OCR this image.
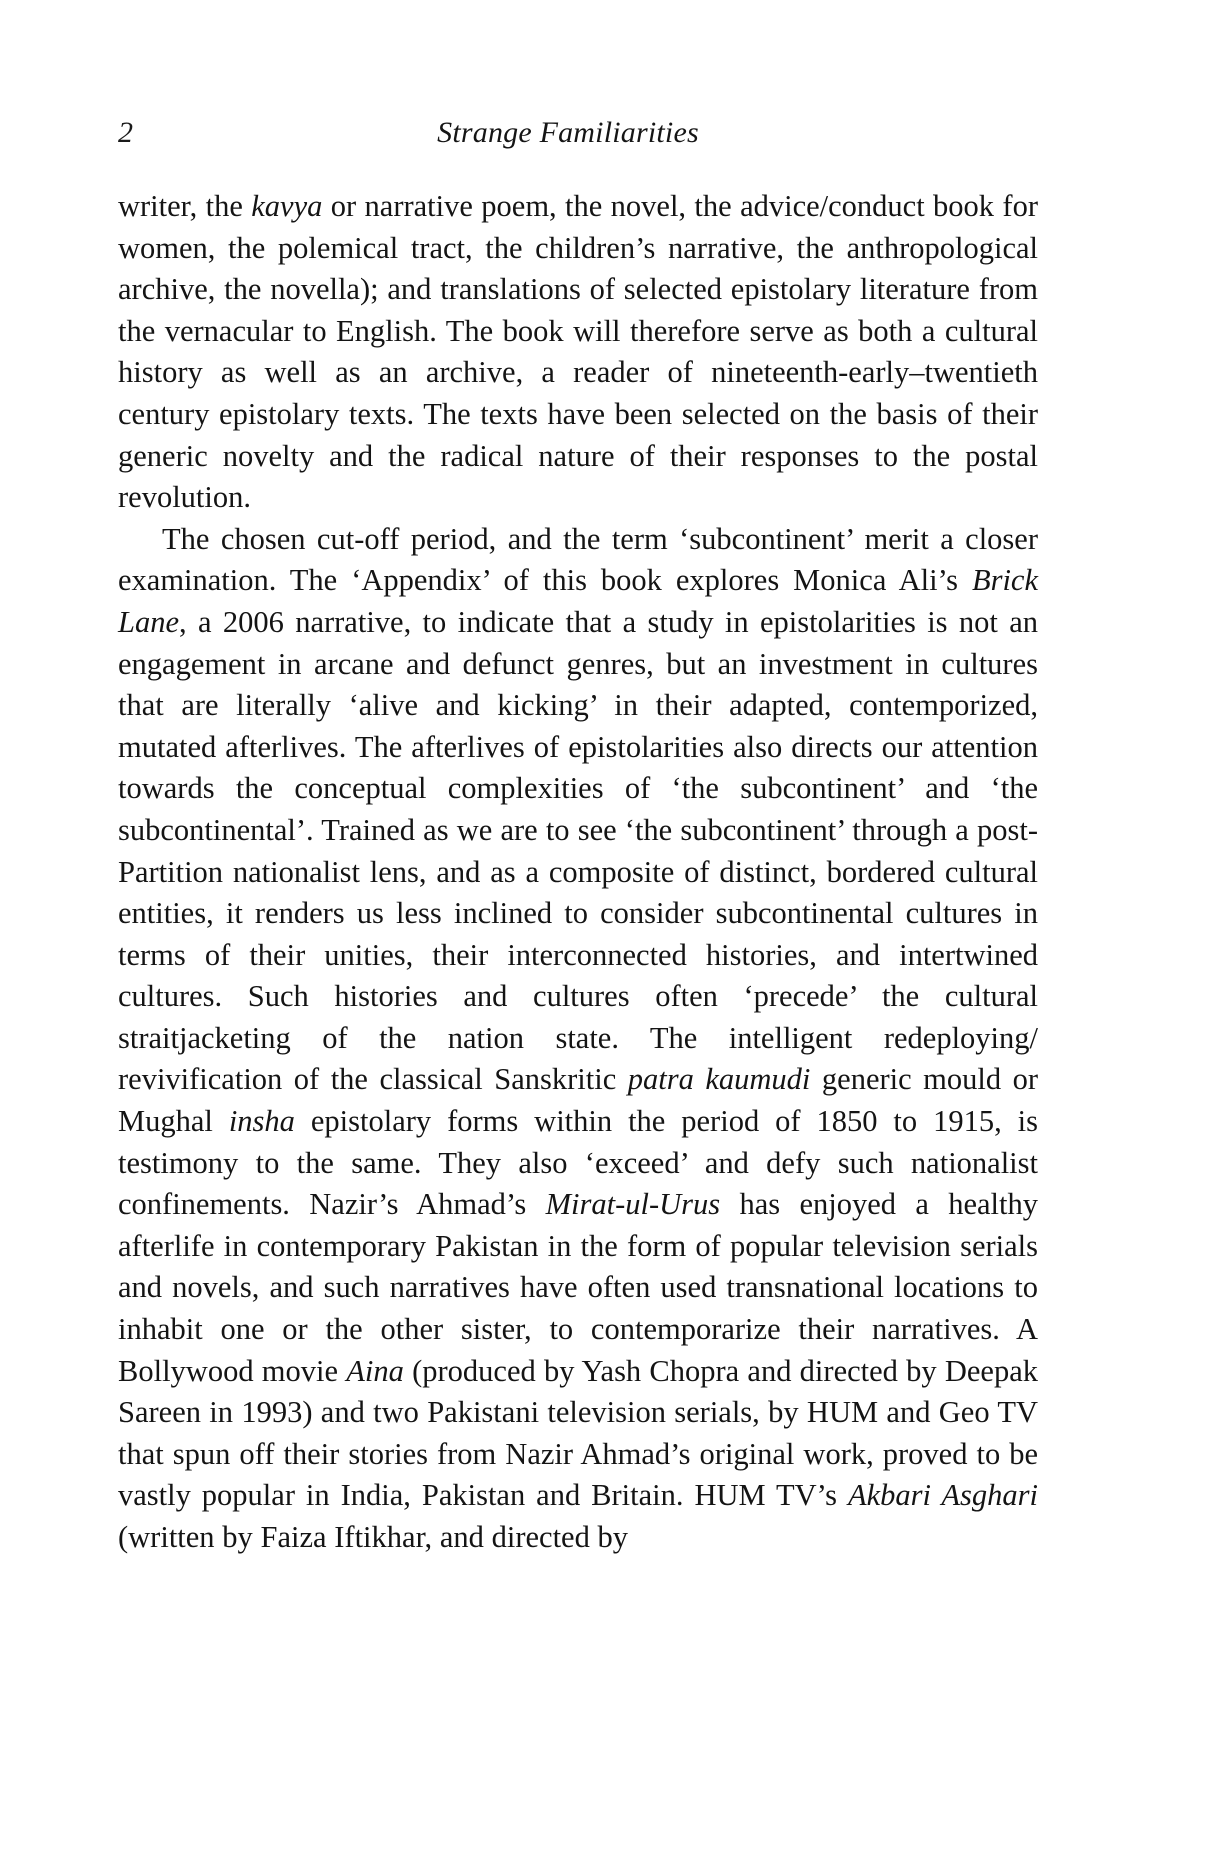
2	Strange Familiarities

writer, the kavya or narrative poem, the novel, the advice/conduct book for women, the polemical tract, the children’s narrative, the anthropological archive, the novella); and translations of selected epistolary literature from the vernacular to English. The book will therefore serve as both a cultural history as well as an archive, a reader of nineteenth-early–twentieth century epistolary texts. The texts have been selected on the basis of their generic novelty and the radical nature of their responses to the postal revolution.

The chosen cut-off period, and the term ‘subcontinent’ merit a closer examination. The ‘Appendix’ of this book explores Monica Ali’s Brick Lane, a 2006 narrative, to indicate that a study in epistolarities is not an engagement in arcane and defunct genres, but an investment in cultures that are literally ‘alive and kicking’ in their adapted, contemporized, mutated afterlives. The afterlives of epistolarities also directs our attention towards the conceptual complexities of ‘the subcontinent’ and ‘the subcontinental’. Trained as we are to see ‘the subcontinent’ through a post-Partition nationalist lens, and as a composite of distinct, bordered cultural entities, it renders us less inclined to consider subcontinental cultures in terms of their unities, their interconnected histories, and intertwined cultures. Such histories and cultures often ‘precede’ the cultural straitjacketing of the nation state. The intelligent redeploying/ revivification of the classical Sanskritic patra kaumudi generic mould or Mughal insha epistolary forms within the period of 1850 to 1915, is testimony to the same. They also ‘exceed’ and defy such nationalist confinements. Nazir’s Ahmad’s Mirat-ul-Urus has enjoyed a healthy afterlife in contemporary Pakistan in the form of popular television serials and novels, and such narratives have often used transnational locations to inhabit one or the other sister, to contemporarize their narratives. A Bollywood movie Aina (produced by Yash Chopra and directed by Deepak Sareen in 1993) and two Pakistani television serials, by HUM and Geo TV that spun off their stories from Nazir Ahmad’s original work, proved to be vastly popular in India, Pakistan and Britain. HUM TV’s Akbari Asghari (written by Faiza Iftikhar, and directed by
